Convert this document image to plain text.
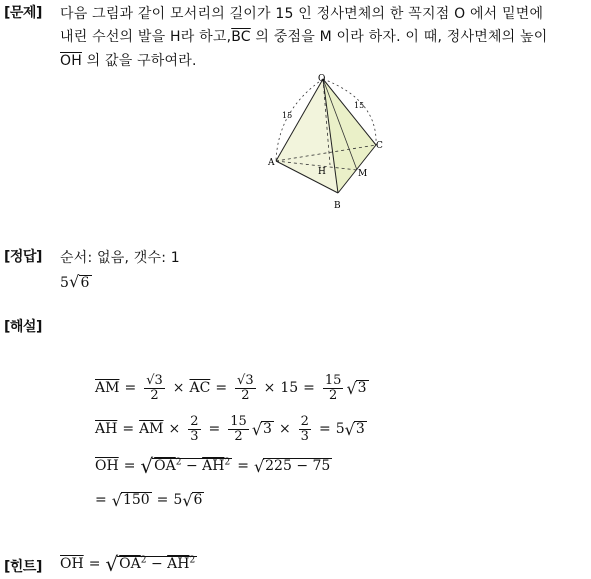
[문제] 다음 그림과 같이 모서리의 길이가 15 인 정사면체의 한 꼭지점 O 에서 밑면에
내린 수선의 발을 H라 하고$,\overline{BC}$ 의 중점을 M 이라 하자. 이 때, 정사면체의 높이
$\overline{OH}$ 의 값을 구하여라.
O
A
B
C
H	M
15
15
[정답] 순서: 없음, 갯수: 1
5√6
[해설]
$\overline{AM} = \frac{√3}{2} \times \overline{AC} = \frac{√3}{2} \times 15 = \frac{15}{2}$ √ 3
$\overline{AH} = \overline{AM} \times \frac{2}{3} = \frac{15}{2}$ √ $3 \times \frac{2}{3} = 5$ √ 3
$\overline{OH}$ = √ $OA^2 - \overline{AH}^2$ = √ 225 − 75
= √ 150 = 5 √ 6
[힌트] $\overline{OH}$ = √ $OA^2 - \overline{AH}^2$
